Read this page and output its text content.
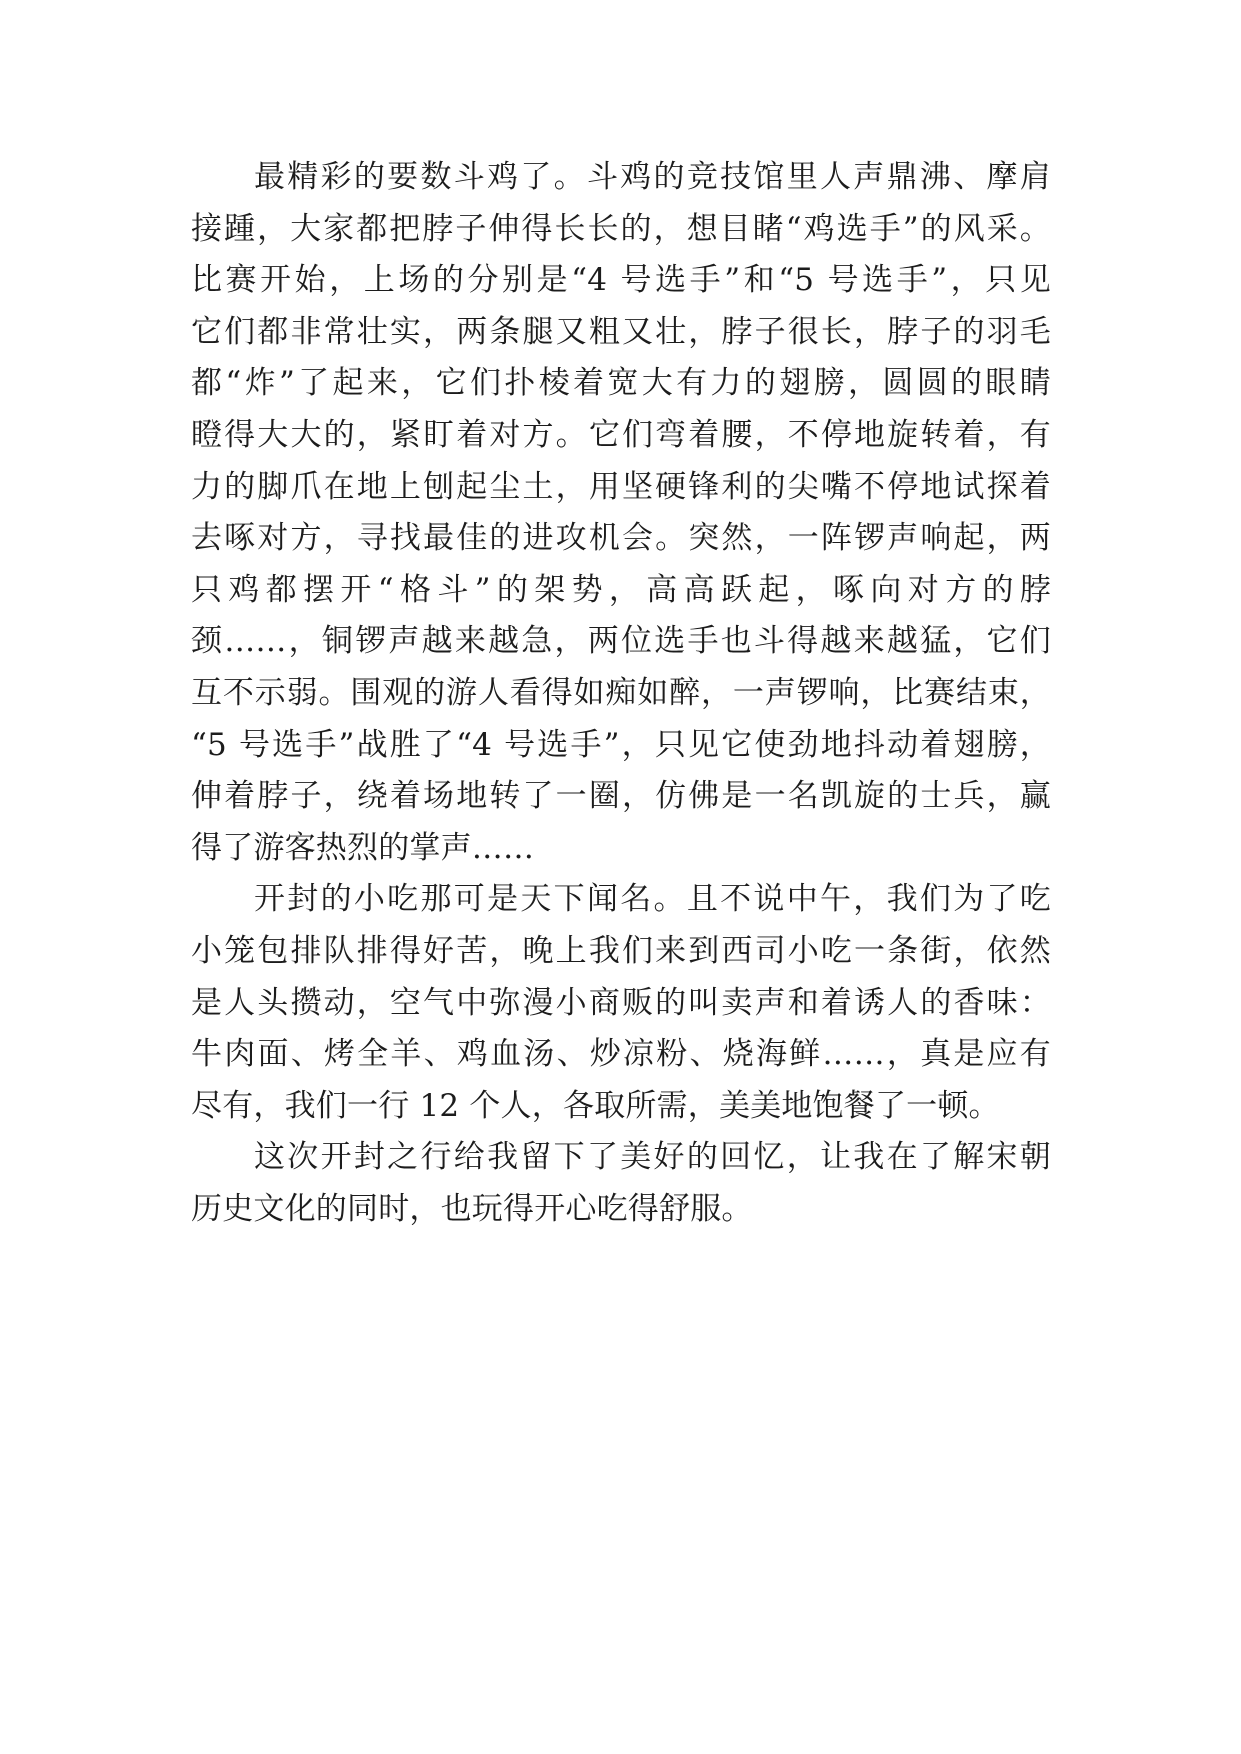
最精彩的要数斗鸡了。斗鸡的竞技馆里人声鼎沸、摩肩
接踵，大家都把脖子伸得长长的，想目睹“鸡选手”的风采。
比赛开始，上场的分别是“4 号选手”和“5 号选手”，只见
它们都非常壮实，两条腿又粗又壮，脖子很长，脖子的羽毛
都“炸”了起来，它们扑棱着宽大有力的翅膀，圆圆的眼睛
瞪得大大的，紧盯着对方。它们弯着腰，不停地旋转着，有
力的脚爪在地上刨起尘土，用坚硬锋利的尖嘴不停地试探着
去啄对方，寻找最佳的进攻机会。突然，一阵锣声响起，两
只鸡都摆开“格斗”的架势，高高跃起，啄向对方的脖
颈……，铜锣声越来越急，两位选手也斗得越来越猛，它们
互不示弱。围观的游人看得如痴如醉，一声锣响，比赛结束，
“5 号选手”战胜了“4 号选手”，只见它使劲地抖动着翅膀，
伸着脖子，绕着场地转了一圈，仿佛是一名凯旋的士兵，赢
得了游客热烈的掌声……
开封的小吃那可是天下闻名。且不说中午，我们为了吃
小笼包排队排得好苦，晚上我们来到西司小吃一条街，依然
是人头攒动，空气中弥漫小商贩的叫卖声和着诱人的香味：
牛肉面、烤全羊、鸡血汤、炒凉粉、烧海鲜……，真是应有
尽有，我们一行 12 个人，各取所需，美美地饱餐了一顿。
这次开封之行给我留下了美好的回忆，让我在了解宋朝
历史文化的同时，也玩得开心吃得舒服。
